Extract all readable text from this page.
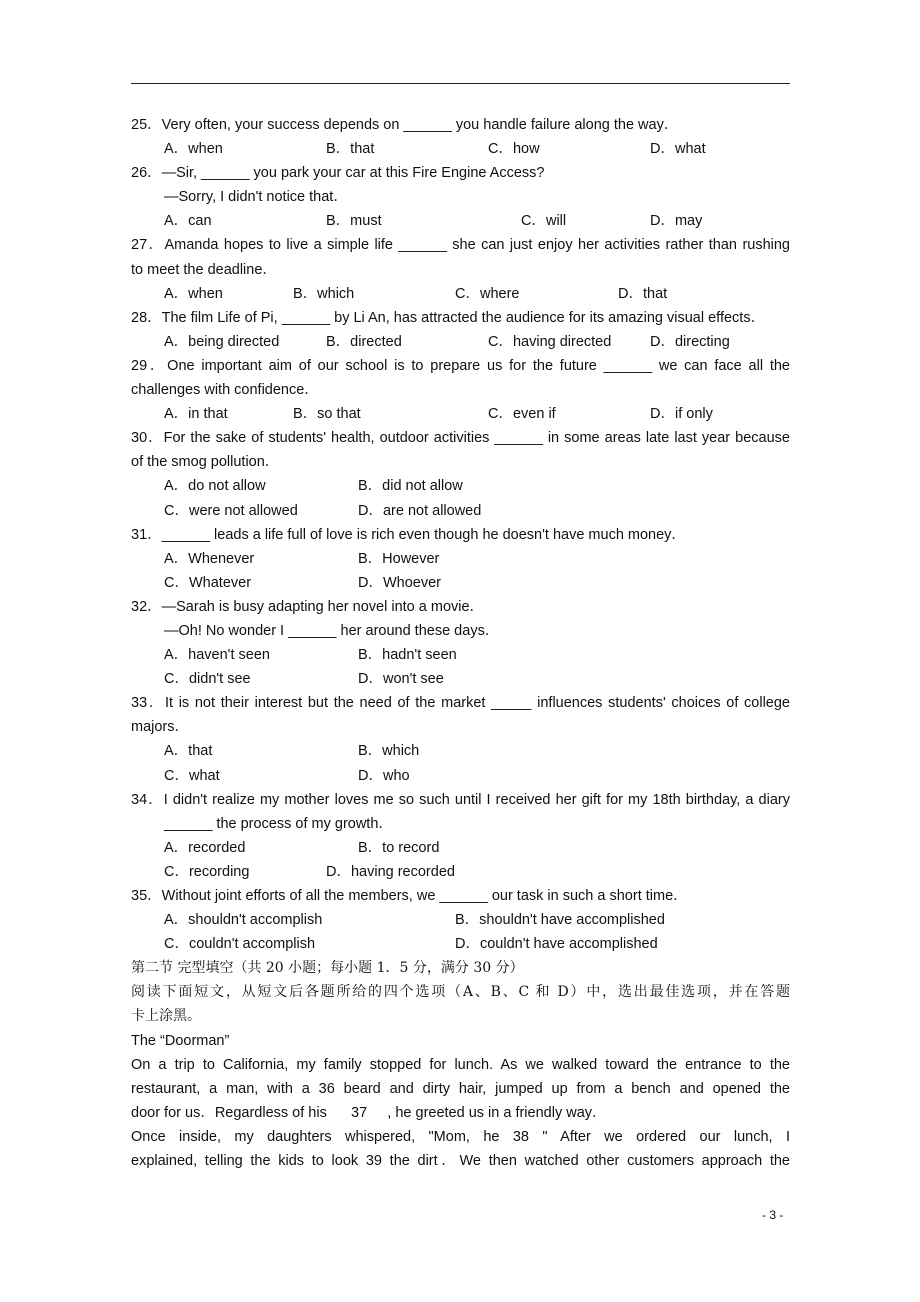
25．Very often, your success depends on ______ you handle failure along the way．
A．when	B．that	C．how	D．what
26．—Sir, ______ you park your car at this Fire Engine Access?
—Sorry, I didn't notice that．
A．can	B．must	C．will	D．may
27．Amanda hopes to live a simple life ______ she can just enjoy her activities rather than rushing
to meet the deadline．
A．when	B．which	C．where	D．that
28．The film Life of Pi, ______ by Li An, has attracted the audience for its amazing visual effects．
A．being directed	B．directed	C．having directed	D．directing
29．One important aim of our school is to prepare us for the future ______ we can face all the
challenges with confidence．
A．in that	B．so that	C．even if	D．if only
30．For the sake of students' health, outdoor activities ______ in some areas late last year because
of the smog pollution．
A．do not allow	B．did not allow
C．were not allowed	D．are not allowed
31．______ leads a life full of love is rich even though he doesn't have much money．
A．Whenever	B．However
C．Whatever	D．Whoever
32．—Sarah is busy adapting her novel into a movie．
—Oh! No wonder I ______ her around these days．
A．haven't seen	B．hadn't seen
C．didn't see	D．won't see
33．It is not their interest but the need of the market _____ influences students' choices of college
majors．
A．that	B．which
C．what	D．who
34．I didn't realize my mother loves me so such until I received her gift for my 18th birthday, a diary
______ the process of my growth．
A．recorded	B．to record
C．recording	D．having recorded
35．Without joint efforts of all the members, we ______ our task in such a short time．
A．shouldn't accomplish	B．shouldn't have accomplished
C．couldn't accomplish	D．couldn't have accomplished
第二节 完型填空（共 20 小题；每小题 1．5 分，满分 30 分）
阅读下面短文，从短文后各题所给的四个选项（A、B、C 和 D）中，选出最佳选项，并在答题
卡上涂黑。
The “Doorman”
On a trip to California, my family stopped for lunch. As we walked toward the entrance to the
restaurant, a man, with a 36 beard and dirty hair, jumped up from a bench and opened the
door for us．Regardless of his      37     , he greeted us in a friendly way．
Once inside, my daughters whispered, "Mom, he 38 " After we ordered our lunch, I
explained, telling the kids to look 39 the dirt．We then watched other customers approach the
- 3 -
